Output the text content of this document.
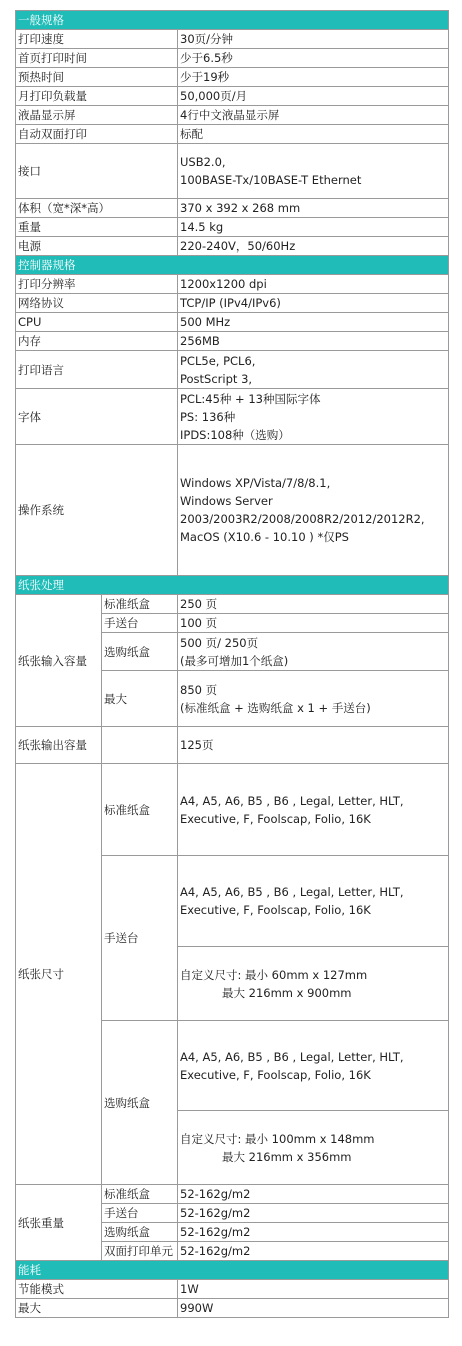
一般规格		
打印速度		30页/分钟
首页打印时间		少于6.5秒
预热时间		少于19秒
月打印负载量		50,000页/月
液晶显示屏		4行中文液晶显示屏
自动双面打印		标配
接口		USB2.0,
100BASE-Tx/10BASE-T Ethernet

体积（宽*深*高）		370 x 392 x 268 mm
重量		14.5 kg
电源		220-240V，50/60Hz
控制器规格		
打印分辨率		1200x1200 dpi
网络协议		TCP/IP (IPv4/IPv6)
CPU		500 MHz
内存		256MB
打印语言		PCL5e, PCL6,
PostScript 3,

字体		PCL:45种 + 13种国际字体
PS: 136种
IPDS:108种（选购）

操作系统		Windows XP/Vista/7/8/8.1,
Windows Server
2003/2003R2/2008/2008R2/2012/2012R2,
MacOS (X10.6 - 10.10 ) *仅PS

纸张处理		
纸张输入容量	标准纸盒	250 页
	手送台	100 页
	选购纸盒	500 页/ 250页
(最多可增加1个纸盒)

	最大	850 页
(标准纸盒 + 选购纸盒 x 1 + 手送台)

纸张输出容量		125页
纸张尺寸	标准纸盒	A4, A5, A6, B5 , B6 , Legal, Letter, HLT,
Executive, F, Foolscap, Folio, 16K

	手送台	A4, A5, A6, B5 , B6 , Legal, Letter, HLT,
Executive, F, Foolscap, Folio, 16K

		自定义尺寸: 最小 60mm x 127mm
最大 216mm x 900mm

	选购纸盒	A4, A5, A6, B5 , B6 , Legal, Letter, HLT,
Executive, F, Foolscap, Folio, 16K

		自定义尺寸: 最小 100mm x 148mm
最大 216mm x 356mm

纸张重量	标准纸盒	52-162g/m2
	手送台	52-162g/m2
	选购纸盒	52-162g/m2
	双面打印单元	52-162g/m2
能耗		
节能模式		1W
最大		990W
